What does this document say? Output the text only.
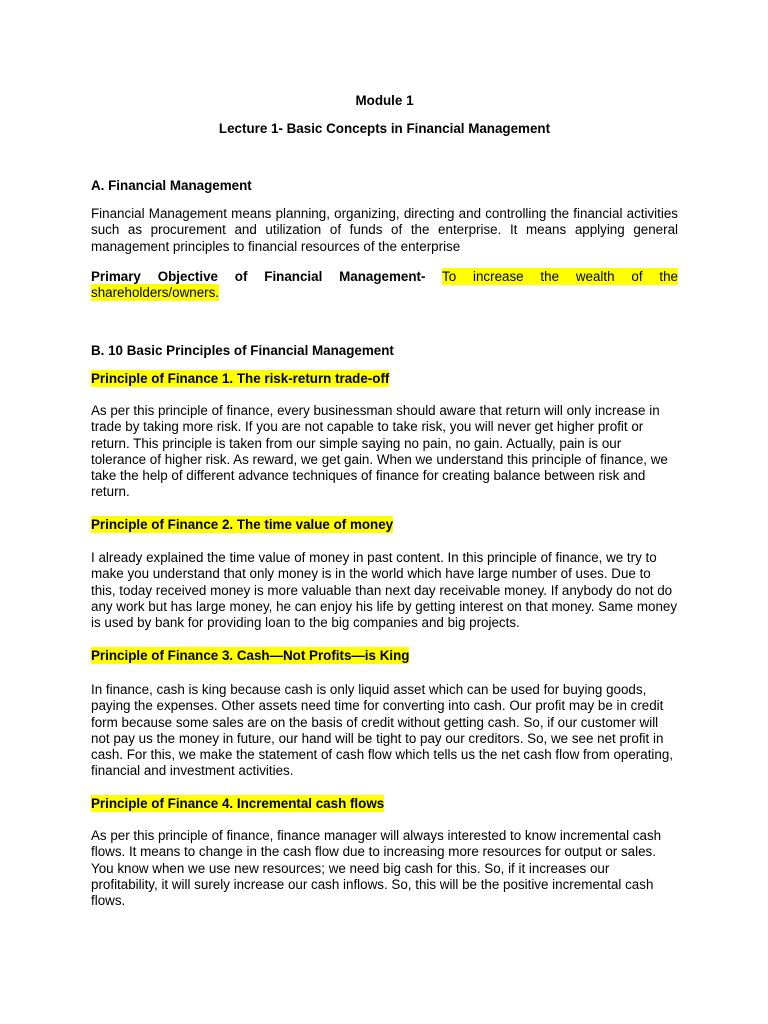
Module 1

Lecture 1- Basic Concepts in Financial Management

A. Financial Management

Financial Management means planning, organizing, directing and controlling the financial activities such as procurement and utilization of funds of the enterprise. It means applying general management principles to financial resources of the enterprise

Primary Objective of Financial Management- To increase the wealth of the shareholders/owners.

B. 10 Basic Principles of Financial Management

Principle of Finance 1. The risk-return trade-off

As per this principle of finance, every businessman should aware that return will only increase in trade by taking more risk. If you are not capable to take risk, you will never get higher profit or return. This principle is taken from our simple saying no pain, no gain. Actually, pain is our tolerance of higher risk. As reward, we get gain. When we understand this principle of finance, we take the help of different advance techniques of finance for creating balance between risk and return.

Principle of Finance 2. The time value of money

I already explained the time value of money in past content. In this principle of finance, we try to make you understand that only money is in the world which have large number of uses. Due to this, today received money is more valuable than next day receivable money. If anybody do not do any work but has large money, he can enjoy his life by getting interest on that money. Same money is used by bank for providing loan to the big companies and big projects.

Principle of Finance 3. Cash—Not Profits—is King

In finance, cash is king because cash is only liquid asset which can be used for buying goods, paying the expenses. Other assets need time for converting into cash. Our profit may be in credit form because some sales are on the basis of credit without getting cash. So, if our customer will not pay us the money in future, our hand will be tight to pay our creditors. So, we see net profit in cash. For this, we make the statement of cash flow which tells us the net cash flow from operating, financial and investment activities.

Principle of Finance 4. Incremental cash flows

As per this principle of finance, finance manager will always interested to know incremental cash flows. It means to change in the cash flow due to increasing more resources for output or sales. You know when we use new resources; we need big cash for this. So, if it increases our profitability, it will surely increase our cash inflows. So, this will be the positive incremental cash flows.
